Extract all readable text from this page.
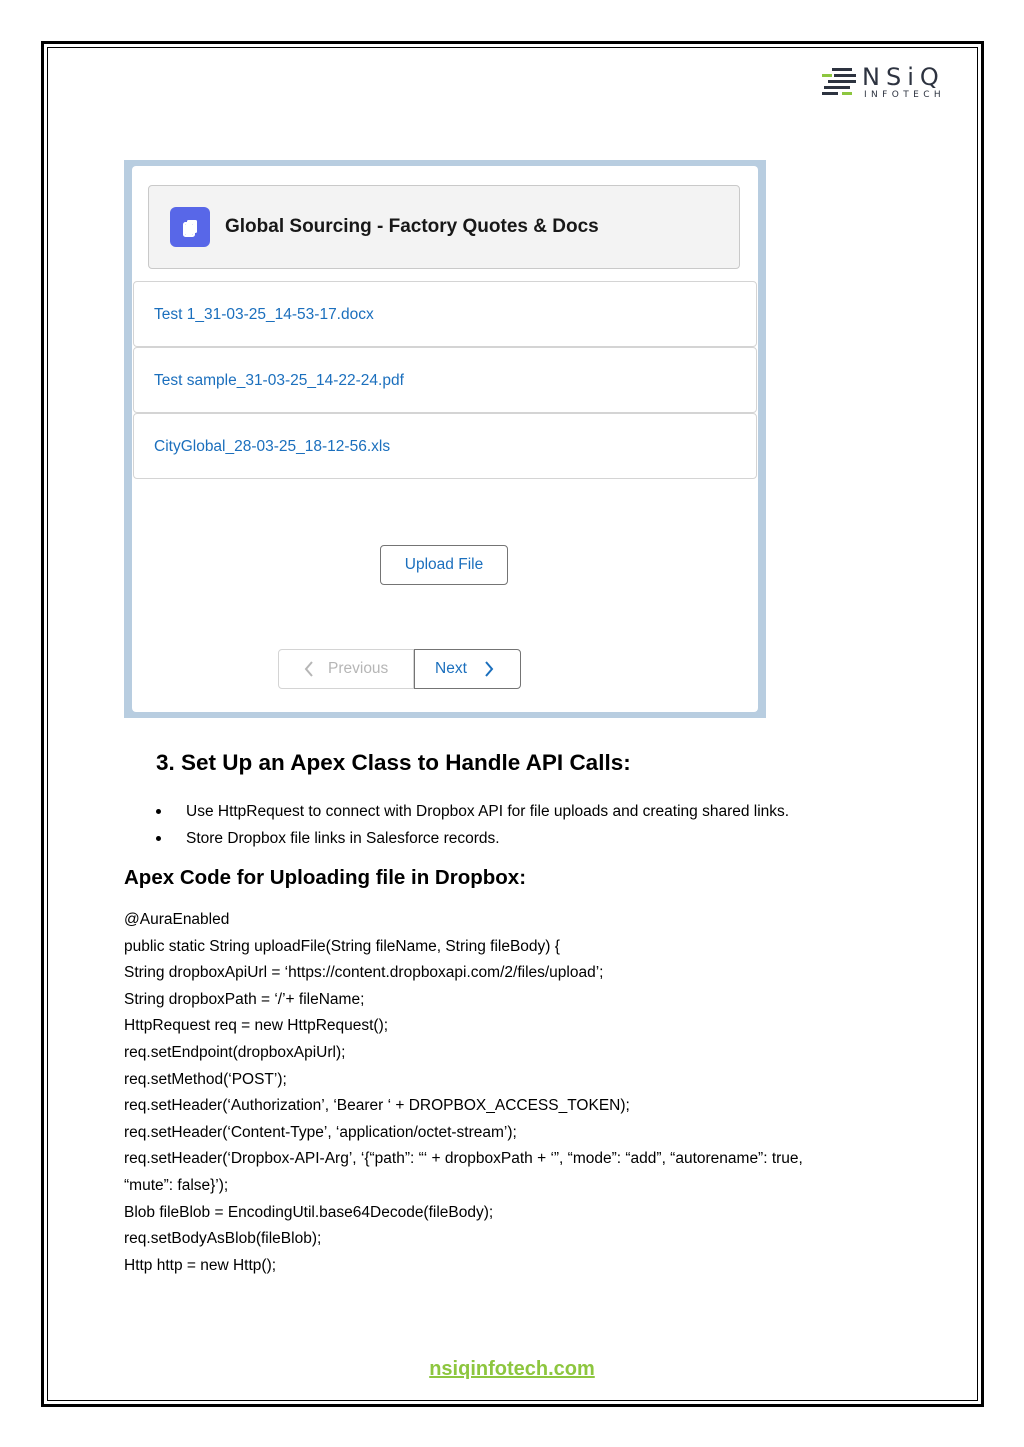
NSiQ
INFOTECH
Global Sourcing - Factory Quotes & Docs
Test 1_31-03-25_14-53-17.docx
Test sample_31-03-25_14-22-24.pdf
CityGlobal_28-03-25_18-12-56.xls
Upload File
Previous	Next
3. Set Up an Apex Class to Handle API Calls:
Use HttpRequest to connect with Dropbox API for file uploads and creating shared links.
Store Dropbox file links in Salesforce records.
Apex Code for Uploading file in Dropbox:
@AuraEnabled
public static String uploadFile(String fileName, String fileBody) {
String dropboxApiUrl = ‘https://content.dropboxapi.com/2/files/upload’;
String dropboxPath = ‘/’+ fileName;
HttpRequest req = new HttpRequest();
req.setEndpoint(dropboxApiUrl);
req.setMethod(‘POST’);
req.setHeader(‘Authorization’, ‘Bearer ‘ + DROPBOX_ACCESS_TOKEN);
req.setHeader(‘Content-Type’, ‘application/octet-stream’);
req.setHeader(‘Dropbox-API-Arg’, ‘{“path”: “‘ + dropboxPath + ‘”, “mode”: “add”, “autorename”: true,
“mute”: false}’);
Blob fileBlob = EncodingUtil.base64Decode(fileBody);
req.setBodyAsBlob(fileBlob);
Http http = new Http();
nsiqinfotech.com
